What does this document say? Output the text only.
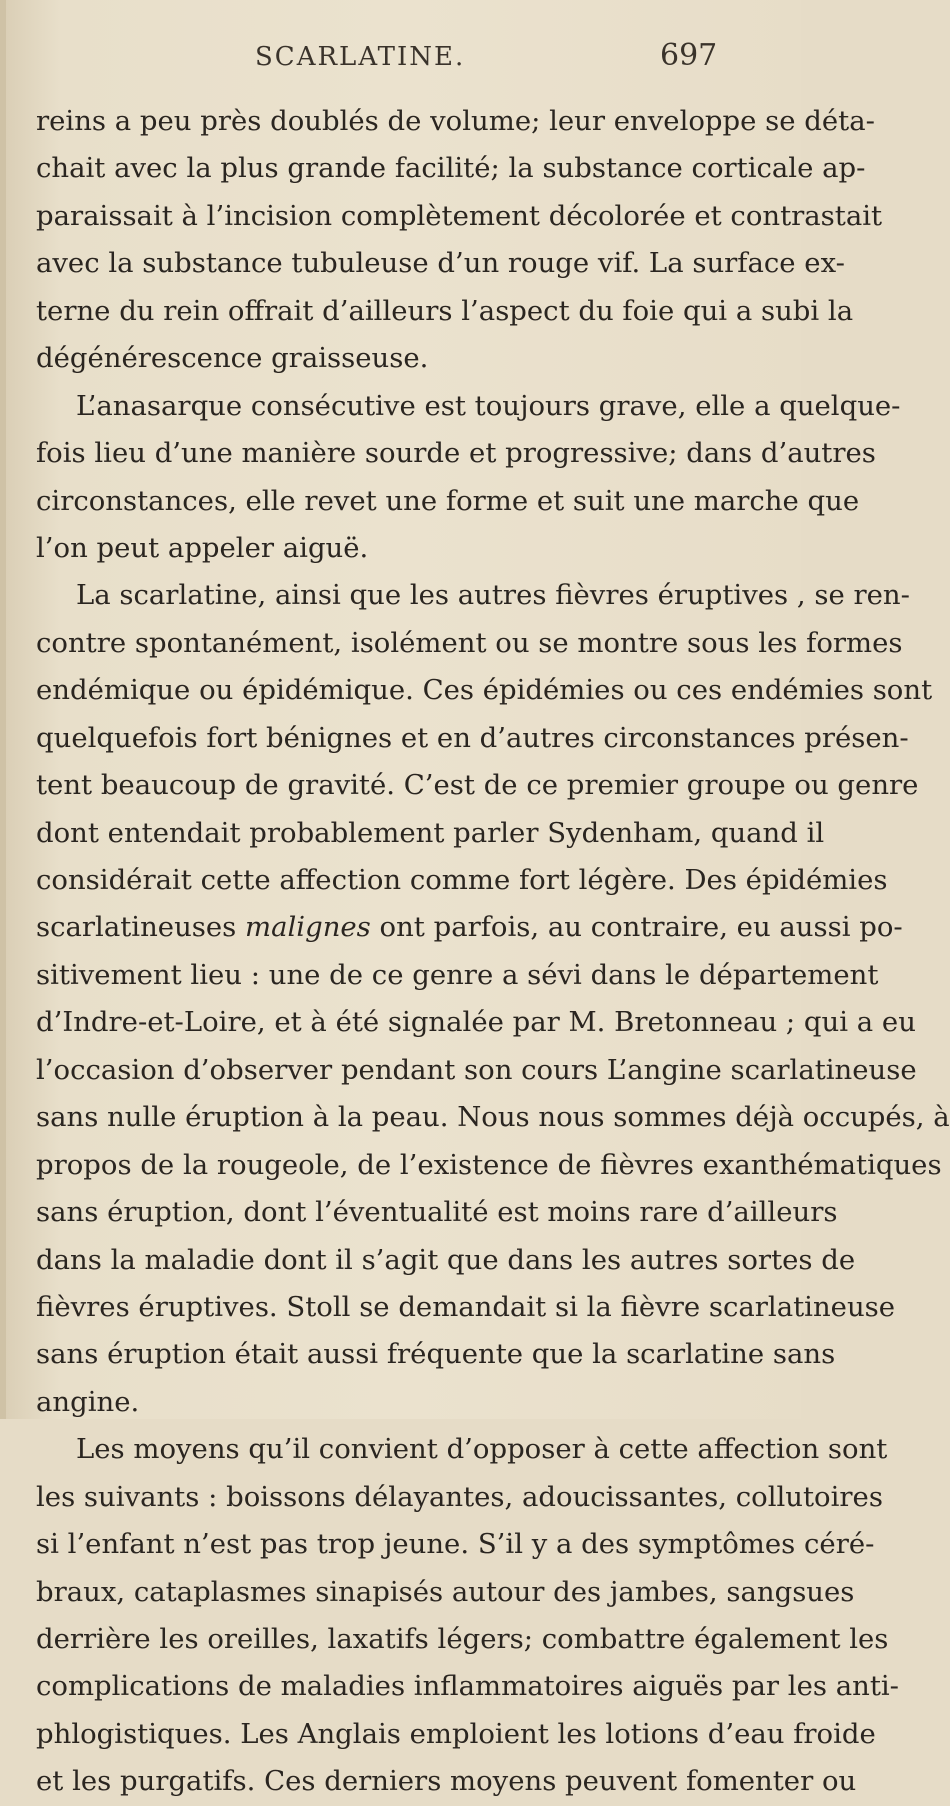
SCARLATINE.	697
reins a peu près doublés de volume; leur enveloppe se déta-
chait avec la plus grande facilité; la substance corticale ap-
paraissait à l’incision complètement décolorée et contrastait
avec la substance tubuleuse d’un rouge vif. La surface ex-
terne du rein offrait d’ailleurs l’aspect du foie qui a subi la
dégénérescence graisseuse.
L’anasarque consécutive est toujours grave, elle a quelque-
fois lieu d’une manière sourde et progressive; dans d’autres
circonstances, elle revet une forme et suit une marche que
l’on peut appeler aiguë.
La scarlatine, ainsi que les autres fièvres éruptives , se ren-
contre spontanément, isolément ou se montre sous les formes
endémique ou épidémique. Ces épidémies ou ces endémies sont
quelquefois fort bénignes et en d’autres circonstances présen-
tent beaucoup de gravité. C’est de ce premier groupe ou genre
dont entendait probablement parler Sydenham, quand il
considérait cette affection comme fort légère. Des épidémies
scarlatineuses malignes ont parfois, au contraire, eu aussi po-
sitivement lieu : une de ce genre a sévi dans le département
d’Indre-et-Loire, et à été signalée par M. Bretonneau ; qui a eu
l’occasion d’observer pendant son cours L’angine scarlatineuse
sans nulle éruption à la peau. Nous nous sommes déjà occupés, à
propos de la rougeole, de l’existence de fièvres exanthématiques
sans éruption, dont l’éventualité est moins rare d’ailleurs
dans la maladie dont il s’agit que dans les autres sortes de
fièvres éruptives. Stoll se demandait si la fièvre scarlatineuse
sans éruption était aussi fréquente que la scarlatine sans
angine.
Les moyens qu’il convient d’opposer à cette affection sont
les suivants : boissons délayantes, adoucissantes, collutoires
si l’enfant n’est pas trop jeune. S’il y a des symptômes céré-
braux, cataplasmes sinapisés autour des jambes, sangsues
derrière les oreilles, laxatifs légers; combattre également les
complications de maladies inflammatoires aiguës par les anti-
phlogistiques. Les Anglais emploient les lotions d’eau froide
et les purgatifs. Ces derniers moyens peuvent fomenter ou
